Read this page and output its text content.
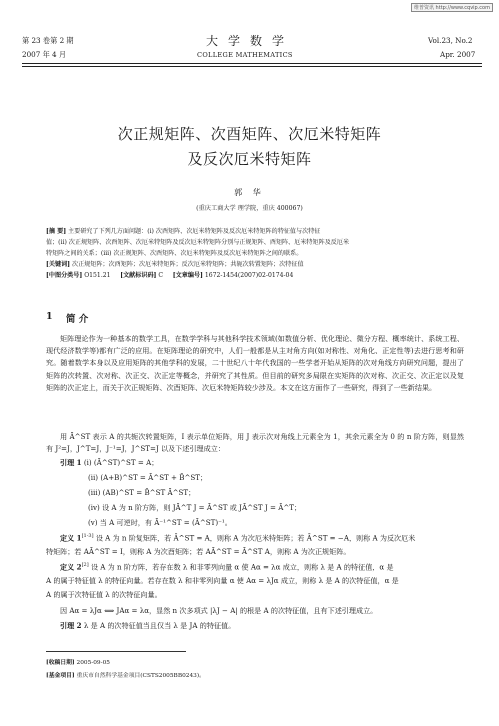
维普资讯 http://www.cqvip.com
第 23 卷第 2 期
2007 年 4 月
大学数学
COLLEGE MATHEMATICS
Vol.23, No.2
Apr. 2007
次正规矩阵、次酉矩阵、次厄米特矩阵
及反次厄米特矩阵
郭 华
(重庆工商大学 理学院，重庆 400067)
[摘 要] 主要研究了下列几方面问题：(ⅰ) 次酉矩阵、次厄米特矩阵及反次厄米特矩阵的特征值与次特征
值；(ⅱ) 次正规矩阵、次酉矩阵、次厄米特矩阵及反次厄米特矩阵分别与正规矩阵、酉矩阵、厄米特矩阵及反厄米
特矩阵之间的关系；(ⅲ) 次正规矩阵、次酉矩阵、次厄米特矩阵及反次厄米特矩阵之间的联系。
[关键词] 次正规矩阵；次酉矩阵；次厄米特矩阵；反次厄米特矩阵；共轭次转置矩阵；次特征值
[中图分类号] O151.21 [文献标识码] C [文章编号] 1672-1454(2007)02-0174-04
1 简 介
矩阵理论作为一种基本的数学工具，在数学学科与其他科学技术领域(如数值分析、优化理论、微分方程、概率统计、系统工程、现代经济数学等)都有广泛的应用。在矩阵理论的研究中，人们一般都是从主对角方向(如对称性、对角化、正定性等)去进行思考和研究。随着数学本身以及应用矩阵的其他学科的发展，二十世纪八十年代我国的一些学者开始从矩阵的次对角线方向研究问题，提出了矩阵的次转置、次对称、次正交、次正定等概念，并研究了其性质。但目前的研究多局限在实矩阵的次对称、次正交、次正定以及复矩阵的次正定上，而关于次正规矩阵、次酉矩阵、次厄米特矩阵较少涉及。本文在这方面作了一些研究，得到了一些新结果。
用 Ā^ST 表示 A 的共轭次转置矩阵，I 表示单位矩阵，用 J 表示次对角线上元素全为 1，其余元素全为 0 的 n 阶方阵，则显然有 J²=J，J^T=J，J⁻¹=J，J^ST=J 以及下述引理成立：
引理 1 (ⅰ) (Ā^ST)^ST = A；
(ⅱ) (A+B)^ST = Ā^ST + B̄^ST；
(ⅲ) (AB)^ST = B̄^ST Ā^ST；
(ⅳ) 设 A 为 n 阶方阵，则 JĀ^T J = Ā^ST 或 JĀ^ST J = Ā^T；
(ⅴ) 当 A 可逆时，有 Ā⁻¹^ST = (Ā^ST)⁻¹。
定义 1[1-3] 设 A 为 n 阶复矩阵，若 Ā^ST = A，则称 A 为次厄米特矩阵；若 Ā^ST = −A，则称 A 为反次厄米
特矩阵；若 AĀ^ST = I，则称 A 为次酉矩阵；若 AĀ^ST = Ā^ST A，则称 A 为次正规矩阵。
定义 2[2] 设 A 为 n 阶方阵，若存在数 λ 和非零列向量 α 使 Aα = λα 成立，则称 λ 是 A 的特征值，α 是
A 的属于特征值 λ 的特征向量。若存在数 λ 和非零列向量 α 使 Aα = λJα 成立，则称 λ 是 A 的次特征值，α 是
A 的属于次特征值 λ 的次特征向量。
因 Aα = λJα ⟺ JAα = λα，显然 n 次多项式 |λJ − A| 的根是 A 的次特征值，且有下述引理成立。
引理 2 λ 是 A 的次特征值当且仅当 λ 是 JA 的特征值。
[收稿日期] 2005-09-05
[基金项目] 重庆市自然科学基金项目(CSTS2005BB0243)。
